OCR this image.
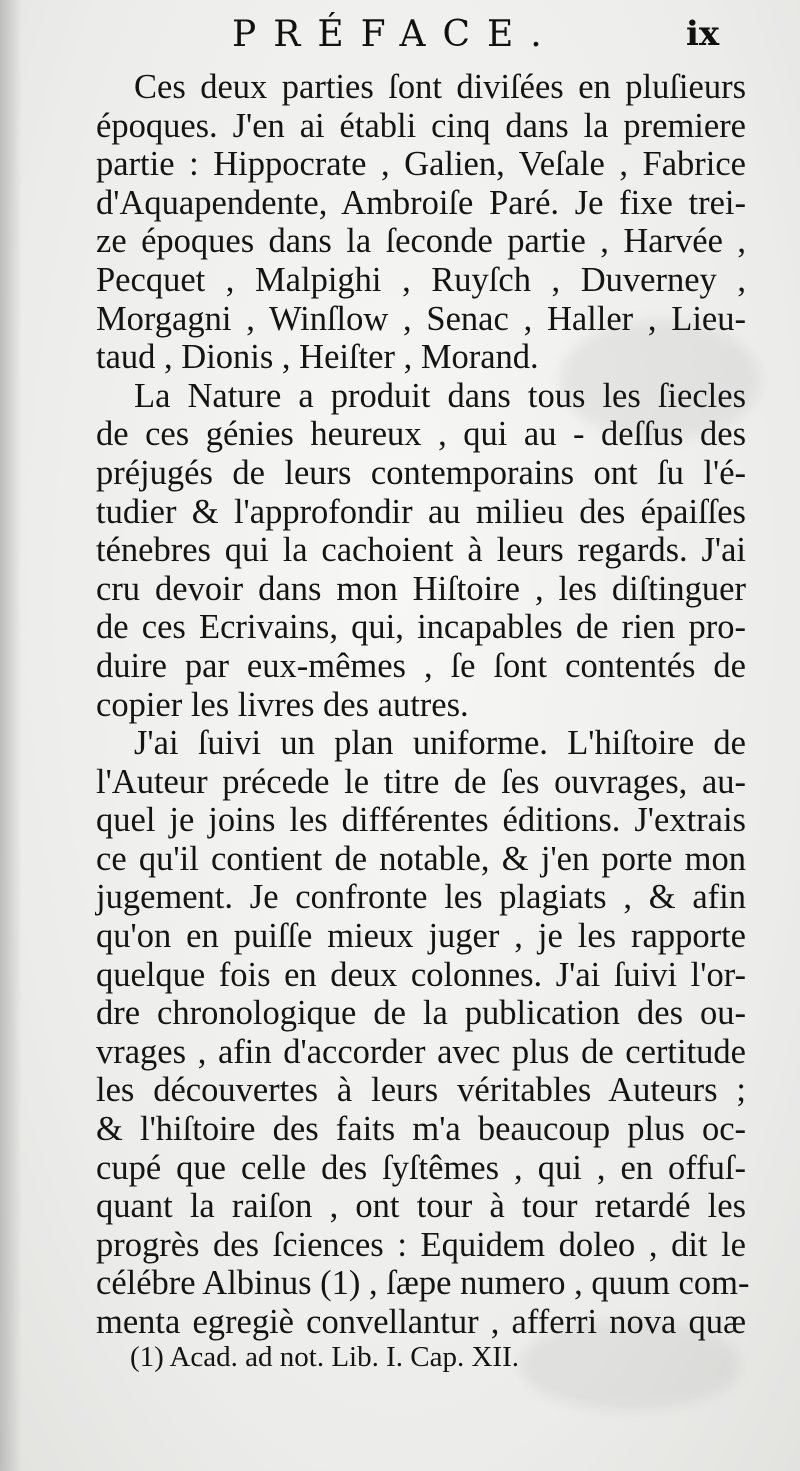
PRÉFACE.	ix
Ces deux parties ſont diviſées en pluſieurs
époques. J'en ai établi cinq dans la premiere
partie : Hippocrate , Galien, Veſale , Fabrice
d'Aquapendente, Ambroiſe Paré. Je fixe trei-
ze époques dans la ſeconde partie , Harvée ,
Pecquet , Malpighi , Ruyſch , Duverney ,
Morgagni , Winſlow , Senac , Haller , Lieu-
taud , Dionis , Heiſter , Morand.
La Nature a produit dans tous les ſiecles
de ces génies heureux , qui au - deſſus des
préjugés de leurs contemporains ont ſu l'é-
tudier & l'approfondir au milieu des épaiſſes
ténebres qui la cachoient à leurs regards. J'ai
cru devoir dans mon Hiſtoire , les diſtinguer
de ces Ecrivains, qui, incapables de rien pro-
duire par eux-mêmes , ſe ſont contentés de
copier les livres des autres.
J'ai ſuivi un plan uniforme. L'hiſtoire de
l'Auteur précede le titre de ſes ouvrages, au-
quel je joins les différentes éditions. J'extrais
ce qu'il contient de notable, & j'en porte mon
jugement. Je confronte les plagiats , & afin
qu'on en puiſſe mieux juger , je les rapporte
quelque fois en deux colonnes. J'ai ſuivi l'or-
dre chronologique de la publication des ou-
vrages , afin d'accorder avec plus de certitude
les découvertes à leurs véritables Auteurs ;
& l'hiſtoire des faits m'a beaucoup plus oc-
cupé que celle des ſyſtêmes , qui , en offuſ-
quant la raiſon , ont tour à tour retardé les
progrès des ſciences : Equidem doleo , dit le
célébre Albinus (1) , ſæpe numero , quum com-
menta egregiè convellantur , afferri nova quæ
(1) Acad. ad not. Lib. I. Cap. XII.
